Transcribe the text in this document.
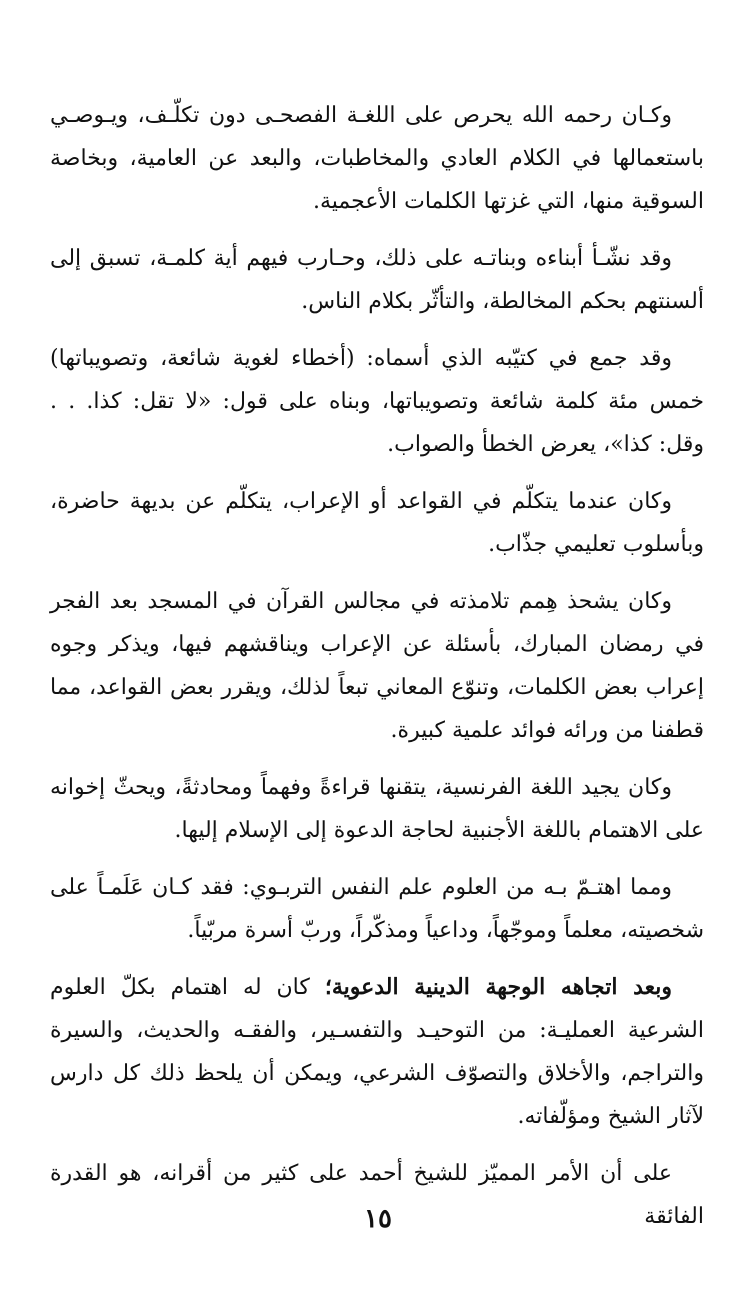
وكـان رحمه الله يحرص على اللغـة الفصحـى دون تكلّـف، ويـوصـي باستعمالها في الكلام العادي والمخاطبات، والبعد عن العامية، وبخاصة السوقية منها، التي غزتها الكلمات الأعجمية.

وقد نشّـأ أبناءه وبناتـه على ذلك، وحـارب فيهم أية كلمـة، تسبق إلى ألسنتهم بحكم المخالطة، والتأثّر بكلام الناس.

وقد جمع في كتيّبه الذي أسماه: (أخطاء لغوية شائعة، وتصويباتها) خمس مئة كلمة شائعة وتصويباتها، وبناه على قول: «لا تقل: كذا. . . وقل: كذا»، يعرض الخطأ والصواب.

وكان عندما يتكلّم في القواعد أو الإعراب، يتكلّم عن بديهة حاضرة، وبأسلوب تعليمي جذّاب.

وكان يشحذ هِمم تلامذته في مجالس القرآن في المسجد بعد الفجر في رمضان المبارك، بأسئلة عن الإعراب ويناقشهم فيها، ويذكر وجوه إعراب بعض الكلمات، وتنوّع المعاني تبعاً لذلك، ويقرر بعض القواعد، مما قطفنا من ورائه فوائد علمية كبيرة.

وكان يجيد اللغة الفرنسية، يتقنها قراءةً وفهماً ومحادثةً، ويحثّ إخوانه على الاهتمام باللغة الأجنبية لحاجة الدعوة إلى الإسلام إليها.

ومما اهتـمّ بـه من العلوم علم النفس التربـوي: فقد كـان عَلَمـاً على شخصيته، معلماً وموجّهاً، وداعياً ومذكّراً، وربّ أسرة مربّياً.

وبعد اتجاهه الوجهة الدينية الدعوية؛ كان له اهتمام بكلّ العلوم الشرعية العمليـة: من التوحيـد والتفسـير، والفقـه والحديث، والسيرة والتراجم، والأخلاق والتصوّف الشرعي، ويمكن أن يلحظ ذلك كل دارس لآثار الشيخ ومؤلّفاته.

على أن الأمر المميّز للشيخ أحمد على كثير من أقرانه، هو القدرة الفائقة

١٥
